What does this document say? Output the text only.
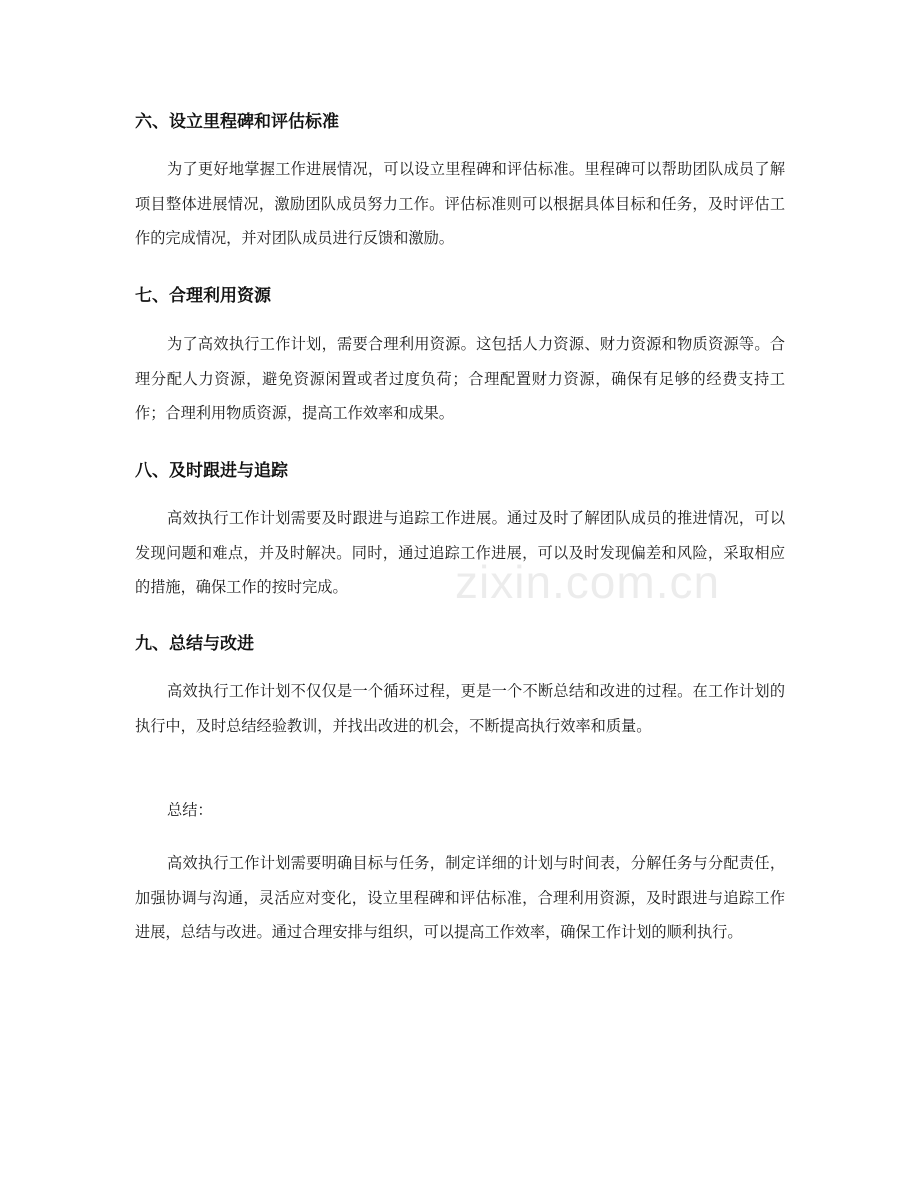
六、设立里程碑和评估标准

为了更好地掌握工作进展情况，可以设立里程碑和评估标准。里程碑可以帮助团队成员了解项目整体进展情况，激励团队成员努力工作。评估标准则可以根据具体目标和任务，及时评估工作的完成情况，并对团队成员进行反馈和激励。

七、合理利用资源

为了高效执行工作计划，需要合理利用资源。这包括人力资源、财力资源和物质资源等。合理分配人力资源，避免资源闲置或者过度负荷；合理配置财力资源，确保有足够的经费支持工作；合理利用物质资源，提高工作效率和成果。

八、及时跟进与追踪

高效执行工作计划需要及时跟进与追踪工作进展。通过及时了解团队成员的推进情况，可以发现问题和难点，并及时解决。同时，通过追踪工作进展，可以及时发现偏差和风险，采取相应的措施，确保工作的按时完成。

九、总结与改进

高效执行工作计划不仅仅是一个循环过程，更是一个不断总结和改进的过程。在工作计划的执行中，及时总结经验教训，并找出改进的机会，不断提高执行效率和质量。

总结：

高效执行工作计划需要明确目标与任务，制定详细的计划与时间表，分解任务与分配责任，加强协调与沟通，灵活应对变化，设立里程碑和评估标准，合理利用资源，及时跟进与追踪工作进展，总结与改进。通过合理安排与组织，可以提高工作效率，确保工作计划的顺利执行。

zixin.com.cn
